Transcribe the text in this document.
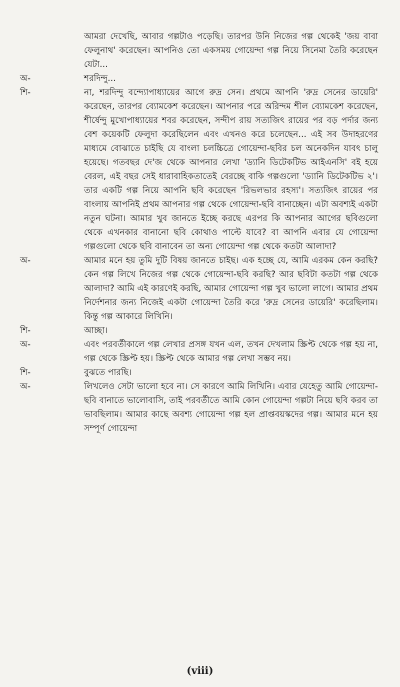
আমরা দেখেছি, আবার গল্পটাও পড়েছি। তারপর উনি নিজের গল্প থেকেই 'জয় বাবা ফেলুনাথ' করেছেন। আপনিও তো একসময় গোয়েন্দা গল্প নিয়ে সিনেমা তৈরি করেছেন যেটা...
অ-	শরদিন্দু...
শি-	না, শরদিন্দু বন্দ্যোপাধ্যায়ের আগে রুদ্র সেন। প্রথমে আপনি 'রুদ্র সেনের ডায়েরি' করেছেন, তারপর ব্যোমকেশ করেছেন। আপনার পরে অরিন্দম শীল ব্যোমকেশ করেছেন, শীর্ষেন্দু মুখোপাধ্যায়ের শবর করেছেন, সন্দীপ রায় সত্যজিৎ রায়ের পর বড় পর্দার জন্য বেশ কয়েকটি ফেলুদা করেছিলেন এবং এখনও করে চলেছেন... এই সব উদাহরণের মাধ্যমে বোঝাতে চাইছি যে বাংলা চলচ্চিত্রে গোয়েন্দা-ছবির চল অনেকদিন যাবৎ চালু হয়েছে। গতবছর দে'জ থেকে আপনার লেখা 'ড্যানি ডিটেকটিভ আইএনসি' বই হয়ে বেরল, এই বছর সেই ধারাবাহিকতাতেই বেরচ্ছে বাকি গল্পগুলো 'ড্যানি ডিটেকটিভ ২'। তার একটি গল্প নিয়ে আপনি ছবি করেছেন 'রিভলভার রহস্য'। সত্যজিৎ রায়ের পর বাংলায় আপনিই প্রথম আপনার গল্প থেকে গোয়েন্দা-ছবি বানাচ্ছেন। এটা অবশ্যই একটা নতুন ঘটনা। আমার খুব জানতে ইচ্ছে করছে এরপর কি আপনার আগের ছবিগুলো থেকে এখনকার বানানো ছবি কোথাও পাল্টে যাবে? বা আপনি এবার যে গোয়েন্দা গল্পগুলো থেকে ছবি বানাবেন তা অন্য গোয়েন্দা গল্প থেকে কতটা আলাদা?
অ-	আমার মনে হয় তুমি দুটি বিষয় জানতে চাইছ। এক হচ্ছে যে, আমি এরকম কেন করছি? কেন গল্প লিখে নিজের গল্প থেকে গোয়েন্দা-ছবি করছি? আর ছবিটা কতটা গল্প থেকে আলাদা? আমি এই কারণেই করছি, আমার গোয়েন্দা গল্প খুব ভালো লাগে। আমার প্রথম নির্দেশনার জন্য নিজেই একটা গোয়েন্দা তৈরি করে 'রুদ্র সেনের ডায়েরি' করেছিলাম। কিন্তু গল্প আকারে লিখিনি।
শি-	আচ্ছা।
অ-	এবং পরবর্তীকালে গল্প লেখার প্রসঙ্গ যখন এল, তখন দেখলাম স্ক্রিপ্ট থেকে গল্প হয় না, গল্প থেকে স্ক্রিপ্ট হয়। স্ক্রিপ্ট থেকে আমার গল্প লেখা সম্ভব নয়।
শি-	বুঝতে পারছি।
অ-	লিখলেও সেটা ভালো হবে না। সে কারণে আমি লিখিনি। এবার যেহেতু আমি গোয়েন্দা-ছবি বানাতে ভালোবাসি, তাই পরবর্তীতে আমি কোন গোয়েন্দা গল্পটা নিয়ে ছবি করব তা ভাবছিলাম। আমার কাছে অবশ্য গোয়েন্দা গল্প হল প্রাপ্তবয়স্কদের গল্প। আমার মনে হয় সম্পূর্ণ গোয়েন্দা
(viii)
